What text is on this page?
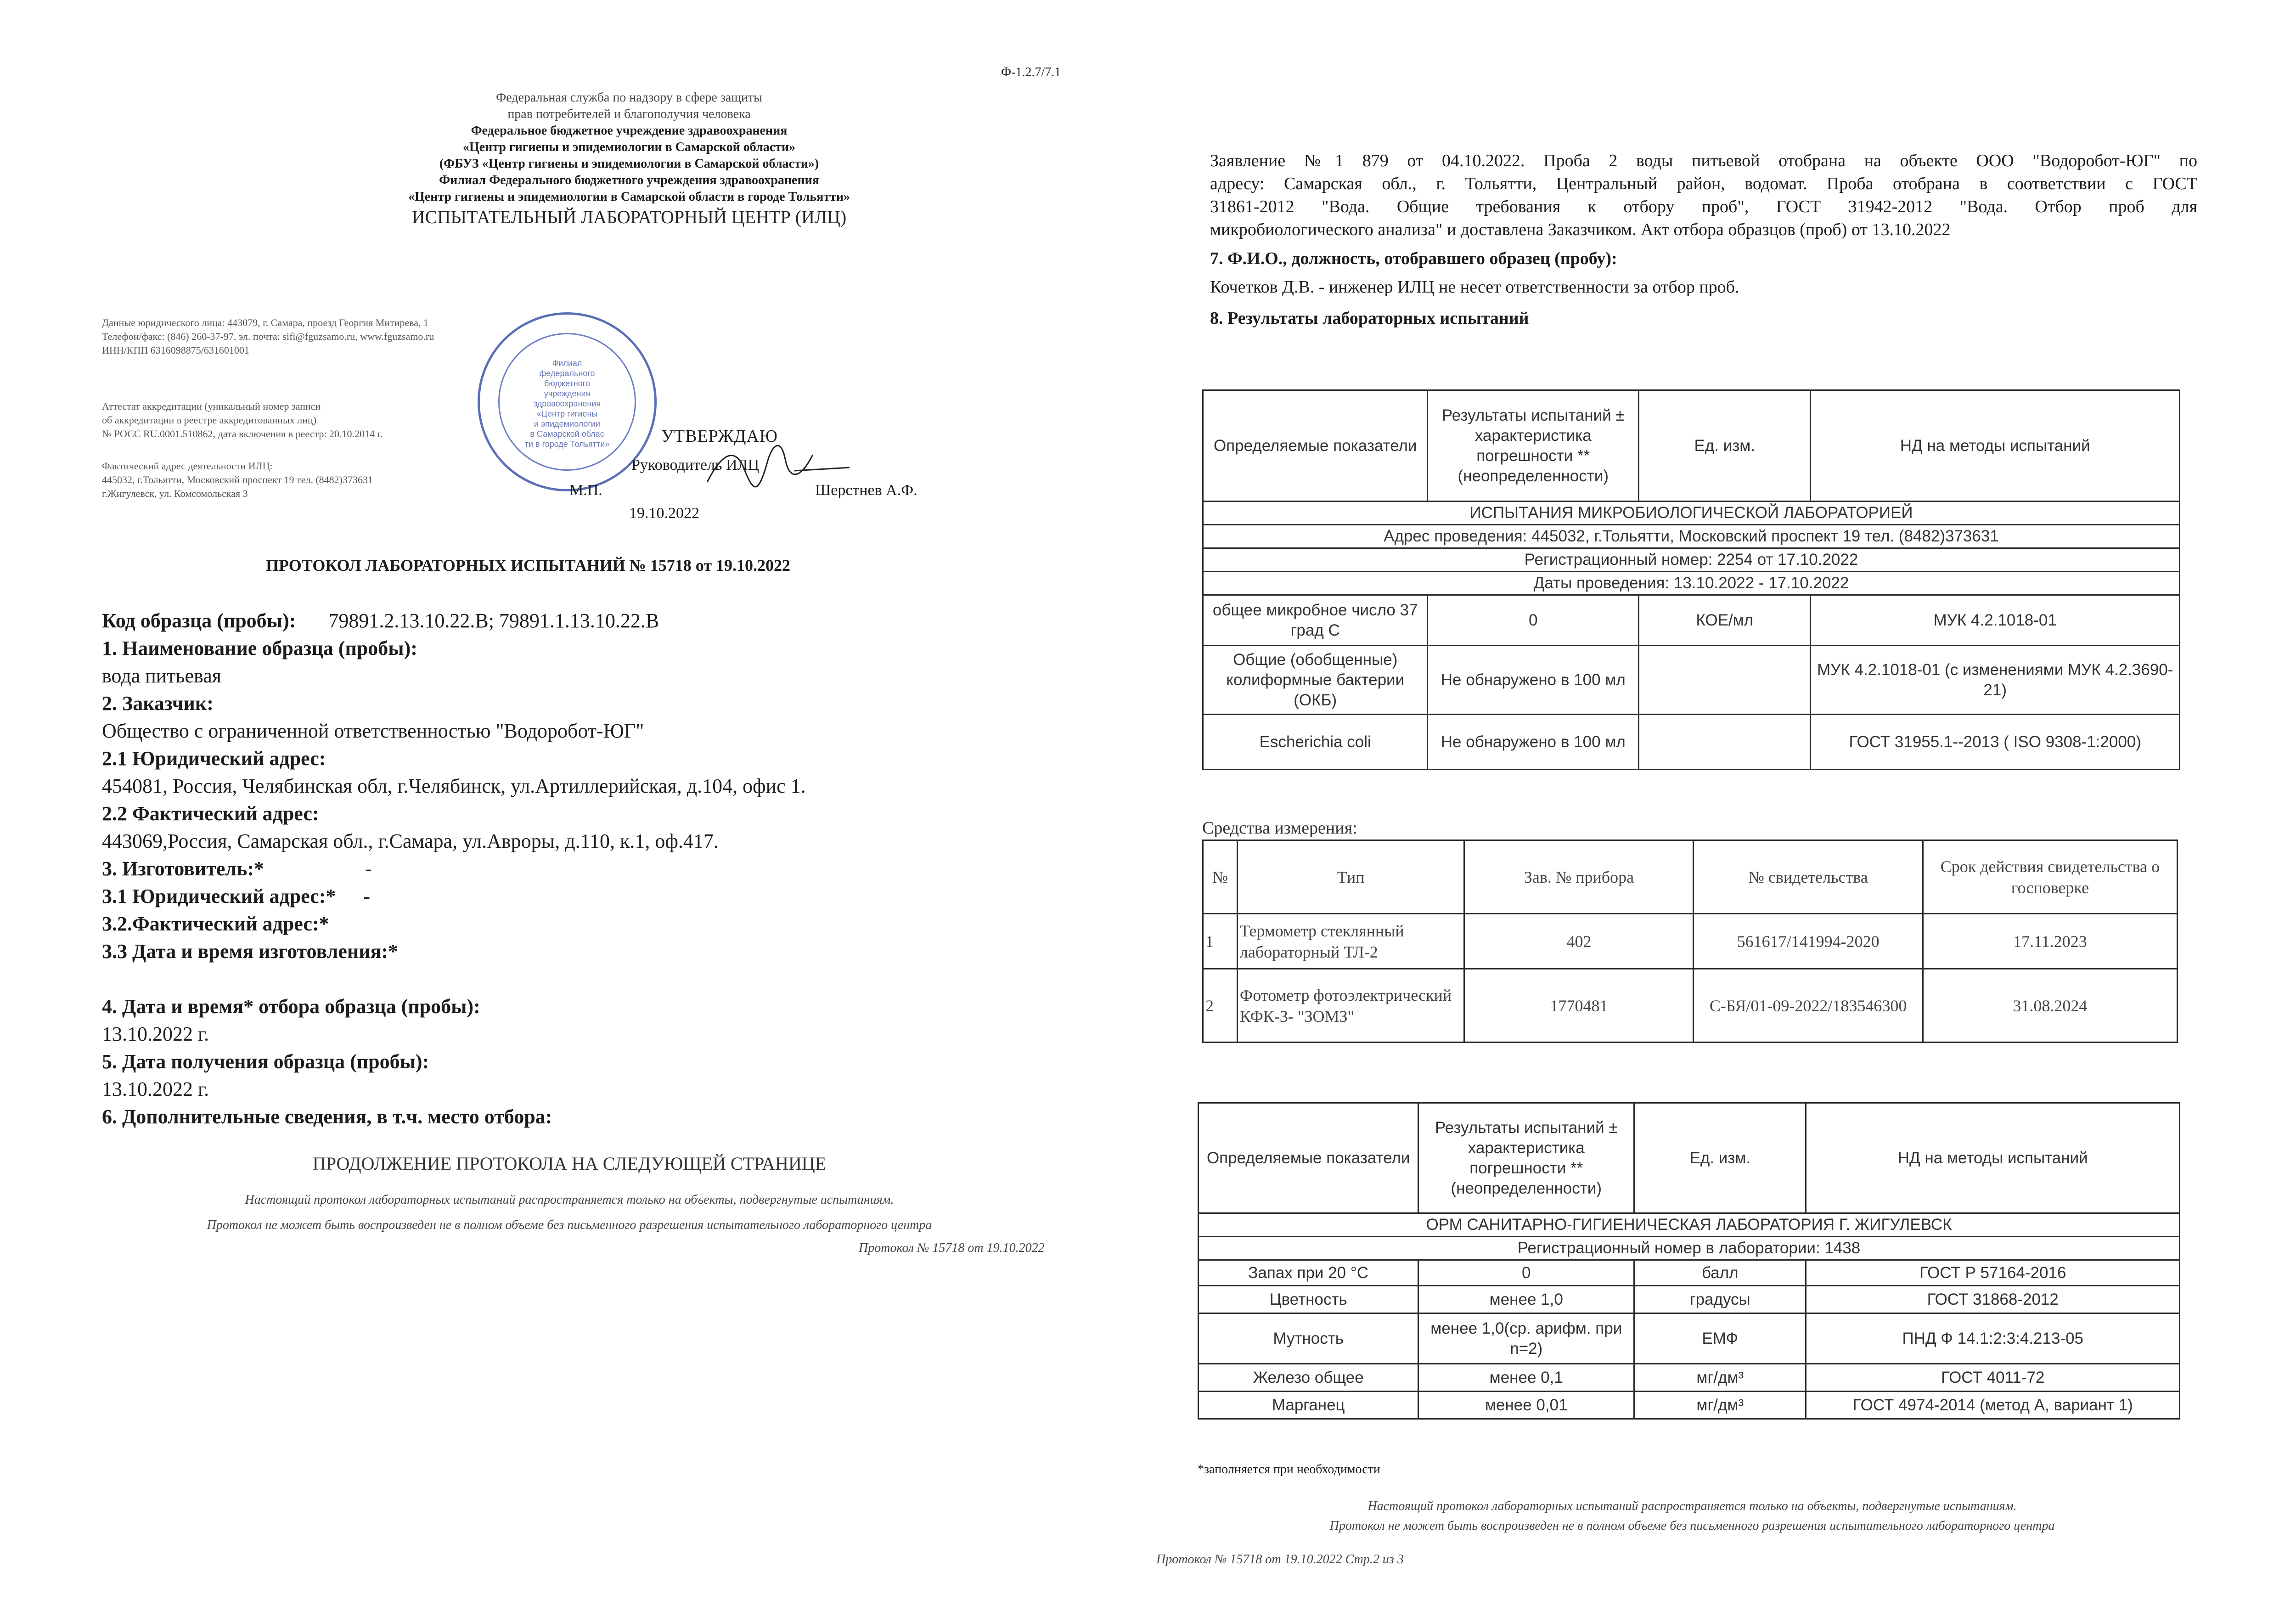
Ф-1.2.7/7.1
Федеральная служба по надзору в сфере защиты
прав потребителей и благополучия человека
Федеральное бюджетное учреждение здравоохранения
«Центр гигиены и эпидемиологии в Самарской области»
(ФБУЗ «Центр гигиены и эпидемиологии в Самарской области»)
Филиал Федерального бюджетного учреждения здравоохранения
«Центр гигиены и эпидемиологии в Самарской области в городе Тольятти»
ИСПЫТАТЕЛЬНЫЙ ЛАБОРАТОРНЫЙ ЦЕНТР (ИЛЦ)
Данные юридического лица: 443079, г. Самара, проезд Георгия Митирева, 1
Телефон/факс: (846) 260-37-97, эл. почта: sifi@fguzsamo.ru, www.fguzsamo.ru
ИНН/КПП 6316098875/631601001
Аттестат аккредитации (уникальный номер записи
об аккредитации в реестре аккредитованных лиц)
№ РОСС RU.0001.510862, дата включения в реестр: 20.10.2014 г.
Фактический адрес деятельности ИЛЦ:
445032, г.Тольятти, Московский проспект 19 тел. (8482)373631
г.Жигулевск, ул. Комсомольская 3
Филиал федерального
бюджетного учреждения
здравоохранения
«Центр гигиены
и эпидемиологии
в Самарской облас
ти в городе Тольятти»	УТВЕРЖДАЮ
Руководитель ИЛЦ
М.П.	Шерстнев А.Ф.
19.10.2022
ПРОТОКОЛ ЛАБОРАТОРНЫХ ИСПЫТАНИЙ № 15718 от 19.10.2022
Код образца (пробы): 79891.2.13.10.22.В; 79891.1.13.10.22.В
1. Наименование образца (пробы):
вода питьевая
2. Заказчик:
Общество с ограниченной ответственностью "Водоробот-ЮГ"
2.1 Юридический адрес:
454081, Россия, Челябинская обл, г.Челябинск, ул.Артиллерийская, д.104, офис 1.
2.2 Фактический адрес:
443069,Россия, Самарская обл., г.Самара, ул.Авроры, д.110, к.1, оф.417.
3. Изготовитель:*	-
3.1 Юридический адрес:* -
3.2.Фактический адрес:*
3.3 Дата и время изготовления:*
4. Дата и время* отбора образца (пробы):
13.10.2022 г.
5. Дата получения образца (пробы):
13.10.2022 г.
6. Дополнительные сведения, в т.ч. место отбора:
ПРОДОЛЖЕНИЕ ПРОТОКОЛА НА СЛЕДУЮЩЕЙ СТРАНИЦЕ
Настоящий протокол лабораторных испытаний распространяется только на объекты, подвергнутые испытаниям.
Протокол не может быть воспроизведен не в полном объеме без письменного разрешения испытательного лабораторного центра
Протокол № 15718 от 19.10.2022
Заявление №1 879 от 04.10.2022. Проба 2 воды питьевой отобрана на объекте ООО "Водоробот-ЮГ" по
адресу: Самарская обл., г. Тольятти, Центральный район, водомат. Проба отобрана в соответствии с ГОСТ
31861-2012 "Вода. Общие требования к отбору проб", ГОСТ 31942-2012 "Вода. Отбор проб для
микробиологического анализа" и доставлена Заказчиком. Акт отбора образцов (проб) от 13.10.2022
7. Ф.И.О., должность, отобравшего образец (пробу):
Кочетков Д.В. - инженер ИЛЦ не несет ответственности за отбор проб.
8. Результаты лабораторных испытаний
Определяемые показатели	Результаты испытаний ± характеристика погрешности **(неопределенности)	Ед. изм.	НД на методы испытаний
ИСПЫТАНИЯ МИКРОБИОЛОГИЧЕСКОЙ ЛАБОРАТОРИЕЙ			
Адрес проведения: 445032, г.Тольятти, Московский проспект 19 тел. (8482)373631			
Регистрационный номер: 2254 от 17.10.2022			
Даты проведения: 13.10.2022 - 17.10.2022			
общее микробное число 37 град С	0	КОЕ/мл	МУК 4.2.1018-01
Общие (обобщенные) колиформные бактерии (ОКБ)	Не обнаружено в 100 мл		МУК 4.2.1018-01 (с изменениями МУК 4.2.3690-21)
Escherichia coli	Не обнаружено в 100 мл		ГОСТ 31955.1--2013 ( ISO 9308-1:2000)
Средства измерения:
№	Тип	Зав. № прибора	№ свидетельства	Срок действия свидетельства о госповерке
1	Термометр стеклянный лабораторный ТЛ-2	402	561617/141994-2020	17.11.2023
2	Фотометр фотоэлектрический КФК-3- "ЗОМЗ"	1770481	С-БЯ/01-09-2022/183546300	31.08.2024
Определяемые показатели	Результаты испытаний ± характеристика погрешности **(неопределенности)	Ед. изм.	НД на методы испытаний
ОРМ САНИТАРНО-ГИГИЕНИЧЕСКАЯ ЛАБОРАТОРИЯ Г. ЖИГУЛЕВСК			
Регистрационный номер в лаборатории: 1438			
Запах при 20 °С	0	балл	ГОСТ Р 57164-2016
Цветность	менее 1,0	градусы	ГОСТ 31868-2012
Мутность	менее 1,0(ср. арифм. при n=2)	ЕМФ	ПНД Ф 14.1:2:3:4.213-05
Железо общее	менее 0,1	мг/дм³	ГОСТ 4011-72
Марганец	менее 0,01	мг/дм³	ГОСТ 4974-2014 (метод А, вариант 1)
*заполняется при необходимости
Настоящий протокол лабораторных испытаний распространяется только на объекты, подвергнутые испытаниям.
Протокол не может быть воспроизведен не в полном объеме без письменного разрешения испытательного лабораторного центра
Протокол № 15718 от 19.10.2022 Стр.2 из 3
